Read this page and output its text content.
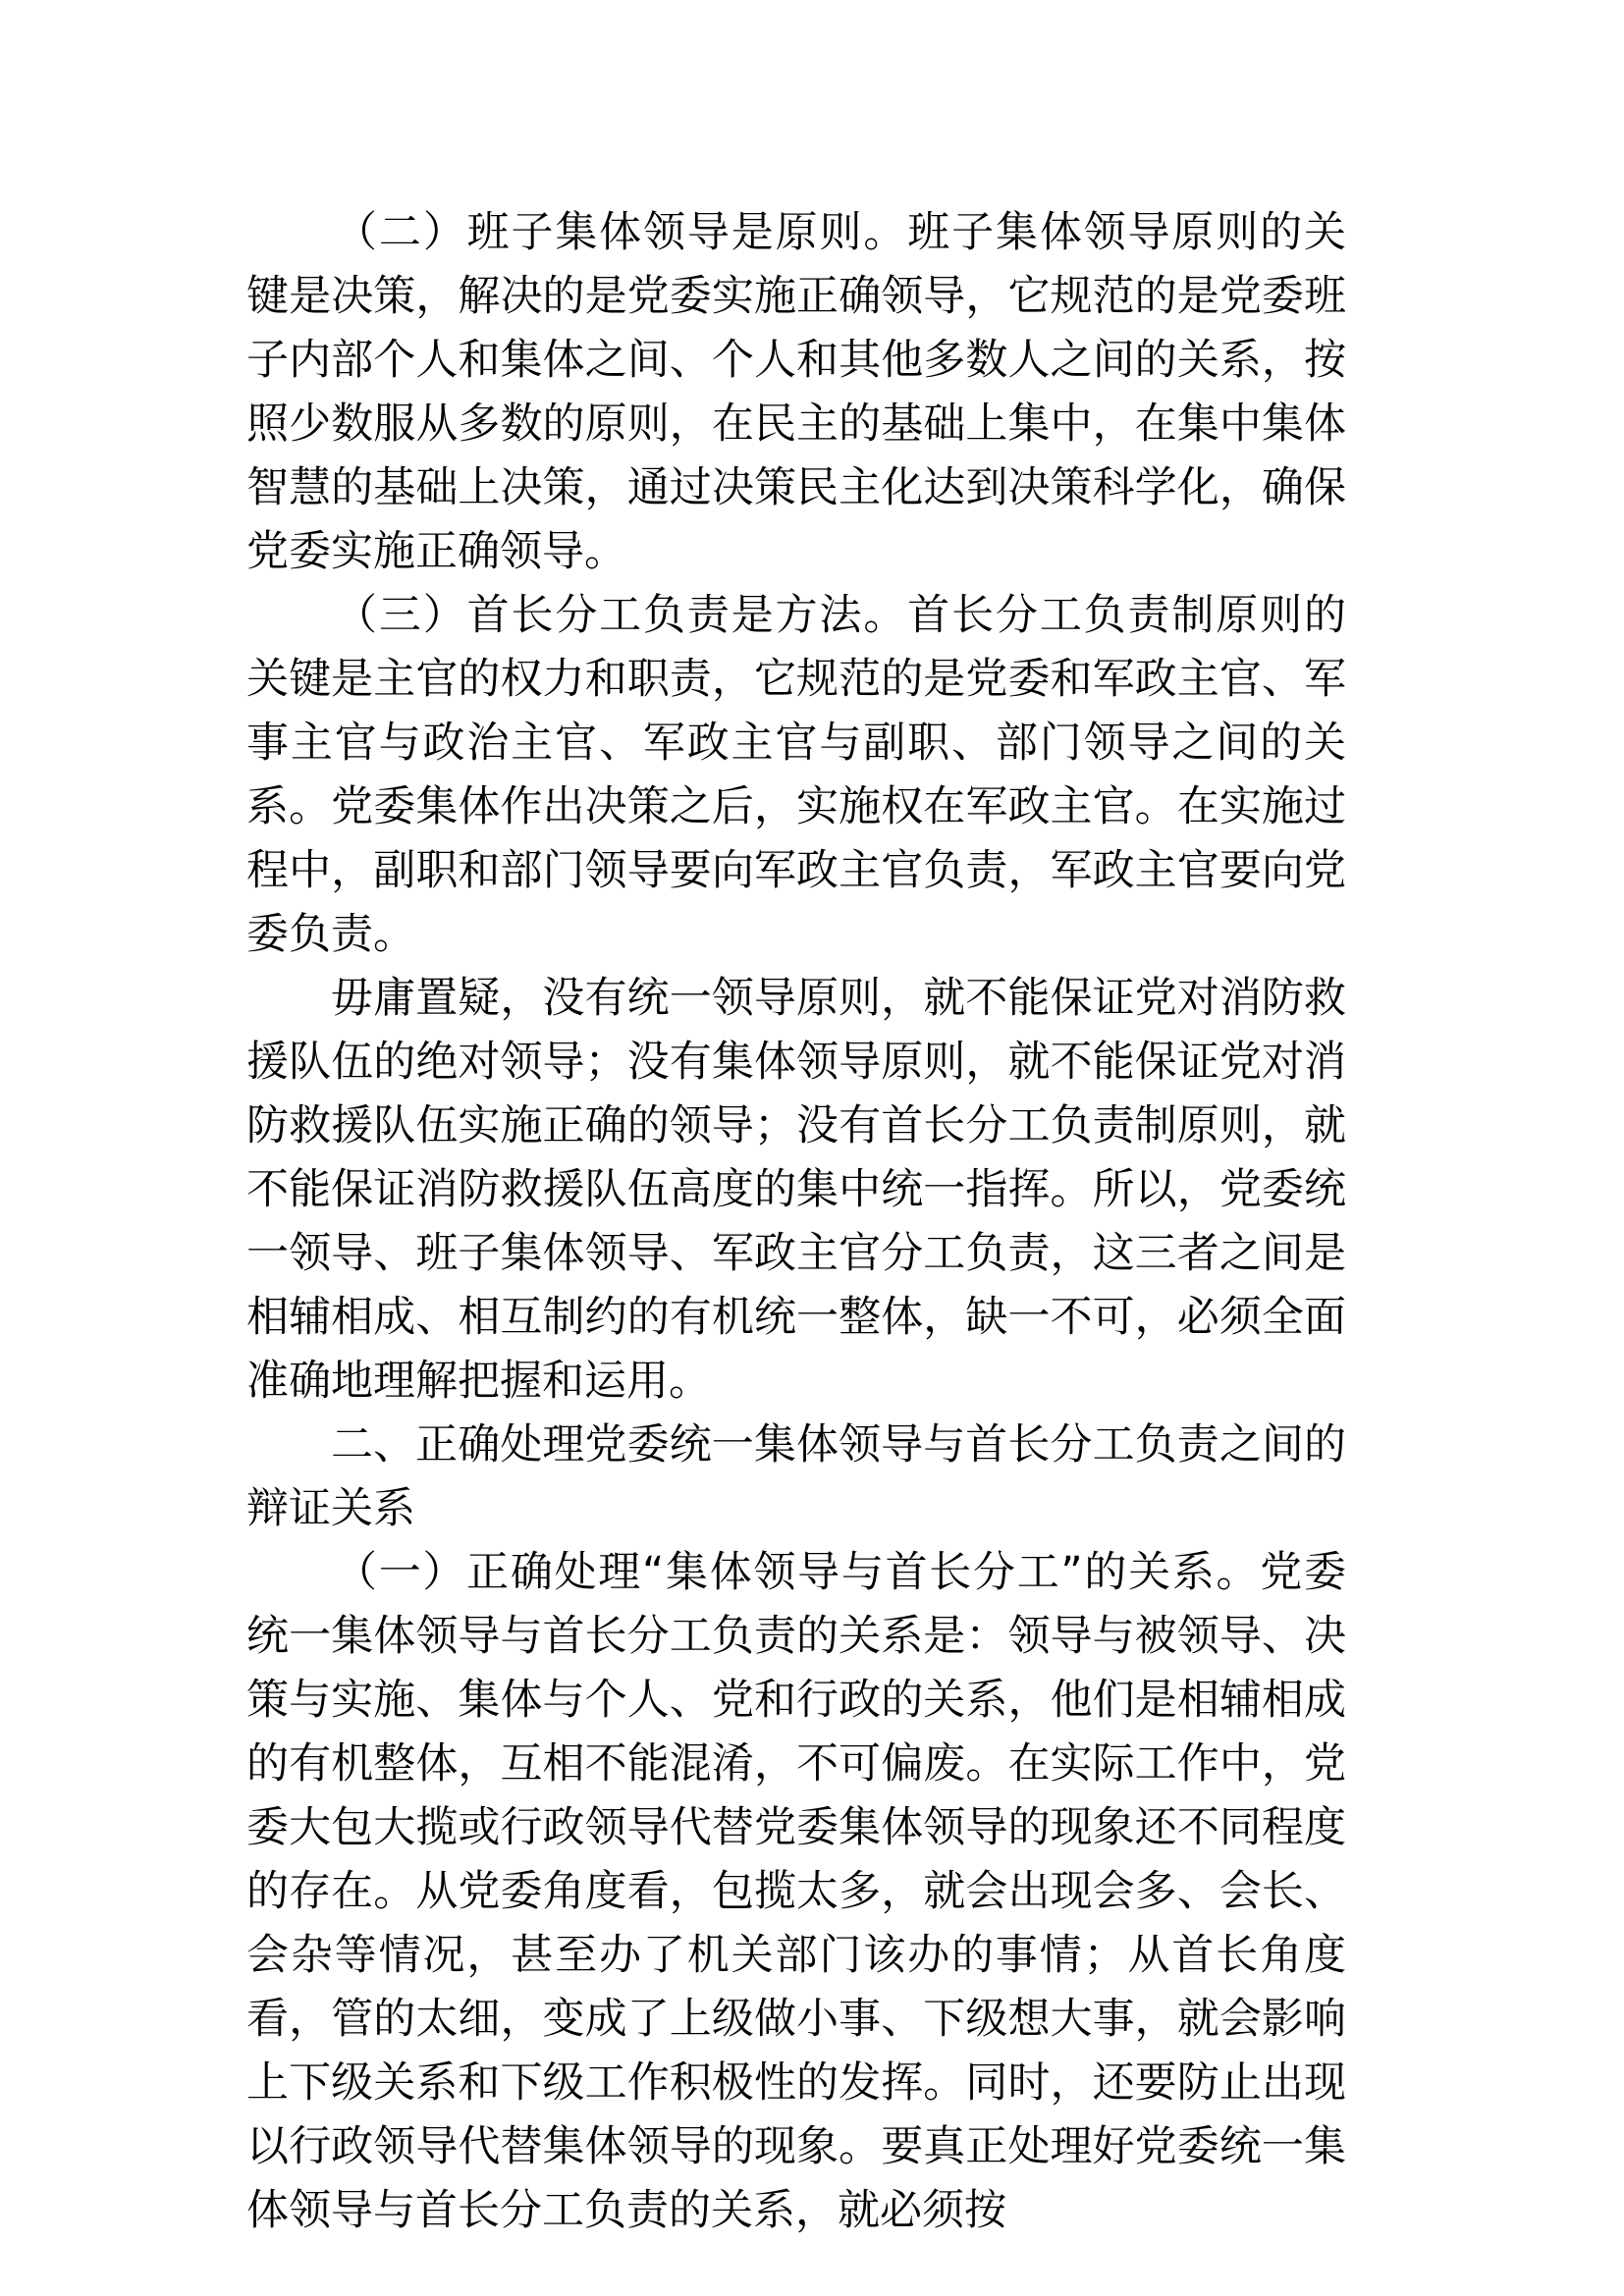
（二）班子集体领导是原则。班子集体领导原则的关键是决策，解决的是党委实施正确领导，它规范的是党委班子内部个人和集体之间、个人和其他多数人之间的关系，按照少数服从多数的原则，在民主的基础上集中，在集中集体智慧的基础上决策，通过决策民主化达到决策科学化，确保党委实施正确领导。

（三）首长分工负责是方法。首长分工负责制原则的关键是主官的权力和职责，它规范的是党委和军政主官、军事主官与政治主官、军政主官与副职、部门领导之间的关系。党委集体作出决策之后，实施权在军政主官。在实施过程中，副职和部门领导要向军政主官负责，军政主官要向党委负责。

毋庸置疑，没有统一领导原则，就不能保证党对消防救援队伍的绝对领导；没有集体领导原则，就不能保证党对消防救援队伍实施正确的领导；没有首长分工负责制原则，就不能保证消防救援队伍高度的集中统一指挥。所以，党委统一领导、班子集体领导、军政主官分工负责，这三者之间是相辅相成、相互制约的有机统一整体，缺一不可，必须全面准确地理解把握和运用。

二、正确处理党委统一集体领导与首长分工负责之间的辩证关系

（一）正确处理“集体领导与首长分工”的关系。党委统一集体领导与首长分工负责的关系是：领导与被领导、决策与实施、集体与个人、党和行政的关系，他们是相辅相成的有机整体，互相不能混淆，不可偏废。在实际工作中，党委大包大揽或行政领导代替党委集体领导的现象还不同程度的存在。从党委角度看，包揽太多，就会出现会多、会长、会杂等情况，甚至办了机关部门该办的事情；从首长角度看，管的太细，变成了上级做小事、下级想大事，就会影响上下级关系和下级工作积极性的发挥。同时，还要防止出现以行政领导代替集体领导的现象。要真正处理好党委统一集体领导与首长分工负责的关系，就必须按
